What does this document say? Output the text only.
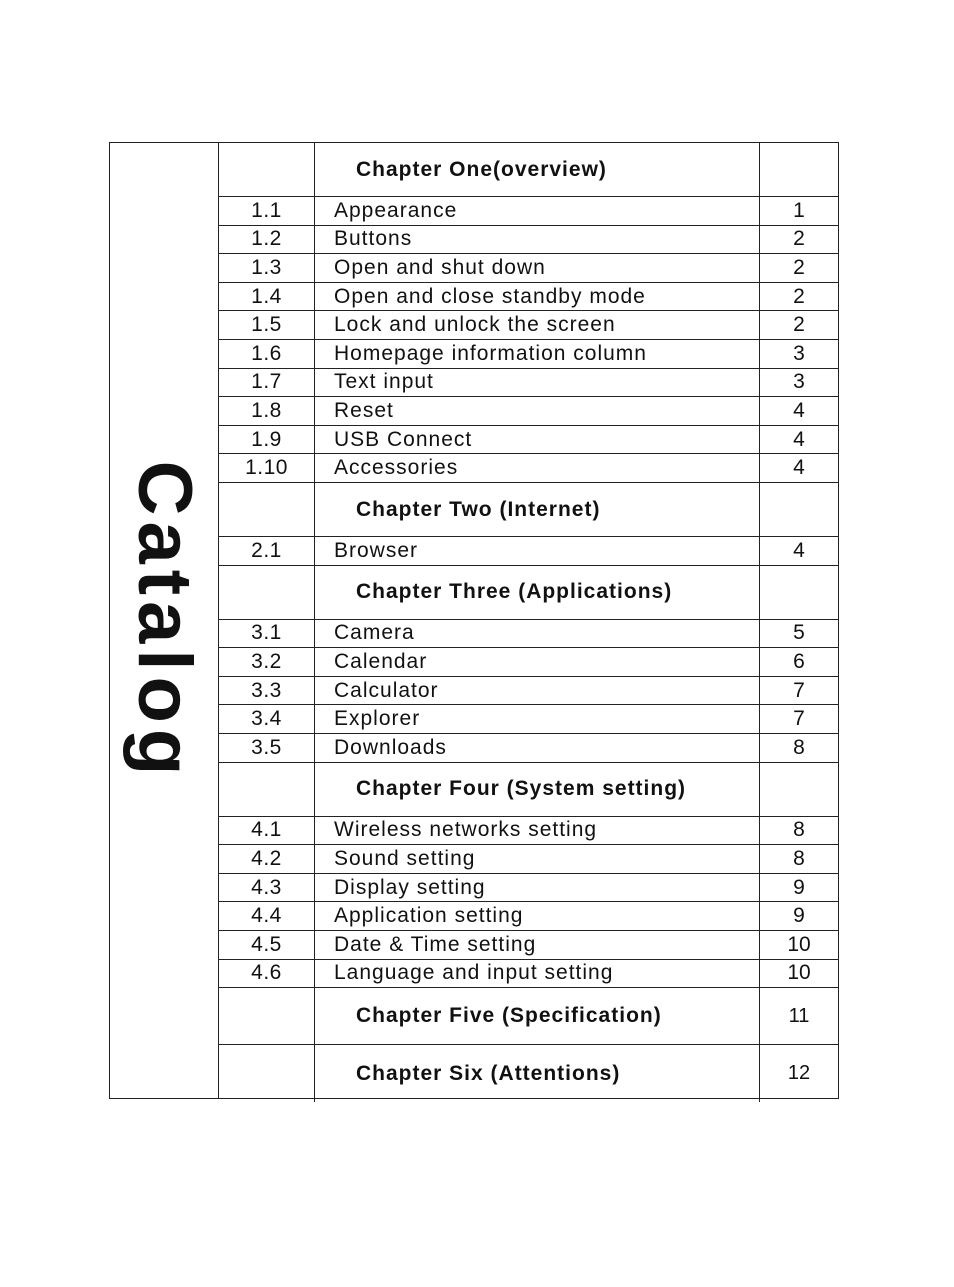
Catalog
Chapter One(overview)
1.1	Appearance	1
1.2	Buttons	2
1.3	Open and shut down	2
1.4	Open and close standby mode	2
1.5	Lock and unlock the screen	2
1.6	Homepage information column	3
1.7	Text input	3
1.8	Reset	4
1.9	USB Connect	4
1.10	Accessories	4
Chapter Two (Internet)
2.1	Browser	4
Chapter Three (Applications)
3.1	Camera	5
3.2	Calendar	6
3.3	Calculator	7
3.4	Explorer	7
3.5	Downloads	8
Chapter Four (System setting)
4.1	Wireless networks setting	8
4.2	Sound setting	8
4.3	Display setting	9
4.4	Application setting	9
4.5	Date & Time setting	10
4.6	Language and input setting	10
Chapter Five (Specification)	11
Chapter Six (Attentions)	12
